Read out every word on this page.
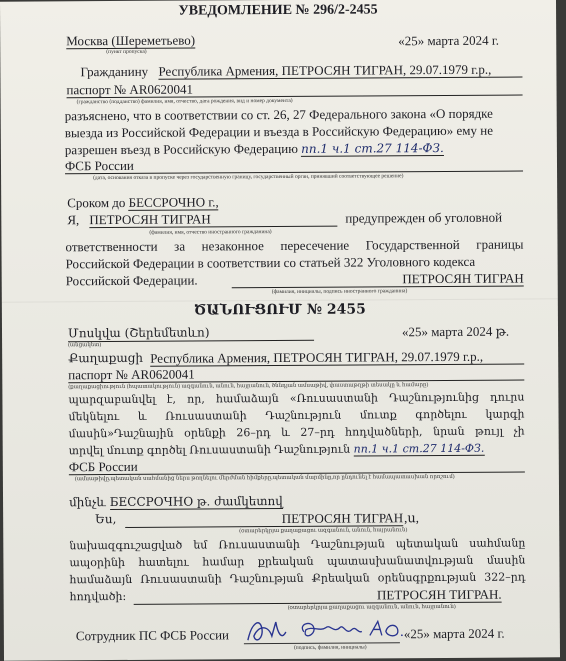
УВЕДОМЛЕНИЕ № 296/2-2455
Москва (Шереметьево)
(пункт пропуска)
«25» марта 2024 г.
Гражданину Республика Армения, ПЕТРОСЯН ТИГРАН, 29.07.1979 г.р.,
паспорт № AR0620041
(гражданство (подданство) фамилия, имя, отчество, дата рождения, вид и номер документа)
разъяснено, что в соответствии со ст. 26, 27 Федерального закона «О порядке
выезда из Российской Федерации и въезда в Российскую Федерацию» ему не
разрешен въезд в Российскую Федерацию пп.1 ч.1 ст.27 114-ФЗ.
ФСБ России
(дата, основания отказа в пропуске через государственную границу, государственный орган, принявший соответствующее решение)
Сроком до БЕССРОЧНО г.,
Я, ПЕТРОСЯН ТИГРАН	предупрежден об уголовной
(фамилия, имя, отчество иностранного гражданина)
ответственности за незаконное пересечение Государственной границы
Российской Федерации в соответствии со статьей 322 Уголовного кодекса
Российской Федерации.	ПЕТРОСЯН ТИГРАН
(фамилия, инициалы, подпись иностранного гражданина)
ԾԱՆՈՒՑՈՒՄ № 2455
Մոսկվա (Շերեմետևո)
(անցակետ)
«25» марта 2024 թ.
Քաղաքացի Республика Армения, ПЕТРОСЯН ТИГРАН, 29.07.1979 г.р.,
паспорт № AR0620041
(քաղաքացիություն (հպատակություն) ազգանուն, անուն, հայրանուն, ծննդյան ամսաթիվ, փաստաթղթի տեսակը և համարը)
պարզաբանվել է, որ, համաձայն «Ռուսաստանի Դաշնությունից դուրս
մեկնելու և Ռուսաստանի Դաշնություն մուտք գործելու կարգի
մասին»Դաշնային օրենքի 26–րդ և 27–րդ հոդվածների, նրան թույլ չի
տրվել մուտք գործել Ռուսաստանի Դաշնություն пп.1 ч.1 ст.27 114-ФЗ.
ФСБ России
(ամսաթիվը,պետական սահմանից ներս թողնելու մերժման հիմքերը,պետական մարմինը,որ ընդունել է համապատասխան որոշում)
մինչև БЕССРОЧНО թ. ժամկետով
Ես,	ПЕТРОСЯН ТИГРАН ,ս,
(օտարերկրյա քաղաքացու ազգանուն, անուն, հայրանուն)
նախազգուշացված եմ Ռուսաստանի Դաշնության պետական սահմանը
ապօրինի հատելու համար քրեական պատասխանատվության մասին
համաձայն Ռուսաստանի Դաշնության Քրեական օրենսգրքության 322–րդ
հոդվածի:	ПЕТРОСЯН ТИГРАН.
(օտարերկրյա քաղաքացու ազգանուն, անուն, հայրանուն)
Сотрудник ПС ФСБ России	«25» марта 2024 г.
(подпись, фамилия, инициалы)
